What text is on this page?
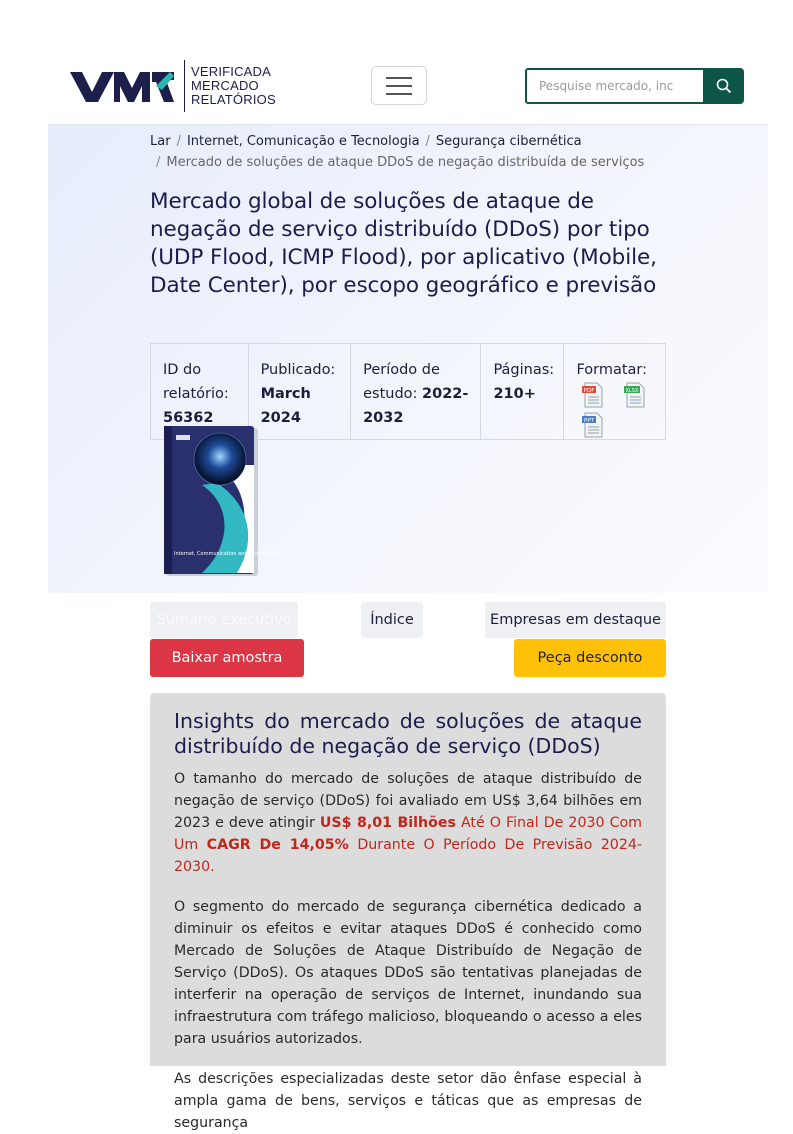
VERIFICADA
MERCADO
RELATÓRIOS
Pesquise mercado, inc
Lar / Internet, Comunicação e Tecnologia / Segurança cibernética
/ Mercado de soluções de ataque DDoS de negação distribuída de serviços
Mercado global de soluções de ataque de negação de serviço distribuído (DDoS) por tipo (UDP Flood, ICMP Flood), por aplicativo (Mobile, Date Center), por escopo geográfico e previsão
ID do relatório:
56362
Publicado:
March 2024
Período de estudo: 2022-2032
Páginas:
210+
Formatar:
PDF	XLSX
PPT
Internet, Communication and Technology
Sumário executivo	Índice	Empresas em destaque
Baixar amostra	Peça desconto
Insights do mercado de soluções de ataque distribuído de negação de serviço (DDoS)

O tamanho do mercado de soluções de ataque distribuído de negação de serviço (DDoS) foi avaliado em US$ 3,64 bilhões em 2023 e deve atingir US$ 8,01 Bilhões Até O Final De 2030 Com Um CAGR De 14,05% Durante O Período De Previsão 2024-2030.

O segmento do mercado de segurança cibernética dedicado a diminuir os efeitos e evitar ataques DDoS é conhecido como Mercado de Soluções de Ataque Distribuído de Negação de Serviço (DDoS). Os ataques DDoS são tentativas planejadas de interferir na operação de serviços de Internet, inundando sua infraestrutura com tráfego malicioso, bloqueando o acesso a eles para usuários autorizados.

As descrições especializadas deste setor dão ênfase especial à ampla gama de bens, serviços e táticas que as empresas de segurança
